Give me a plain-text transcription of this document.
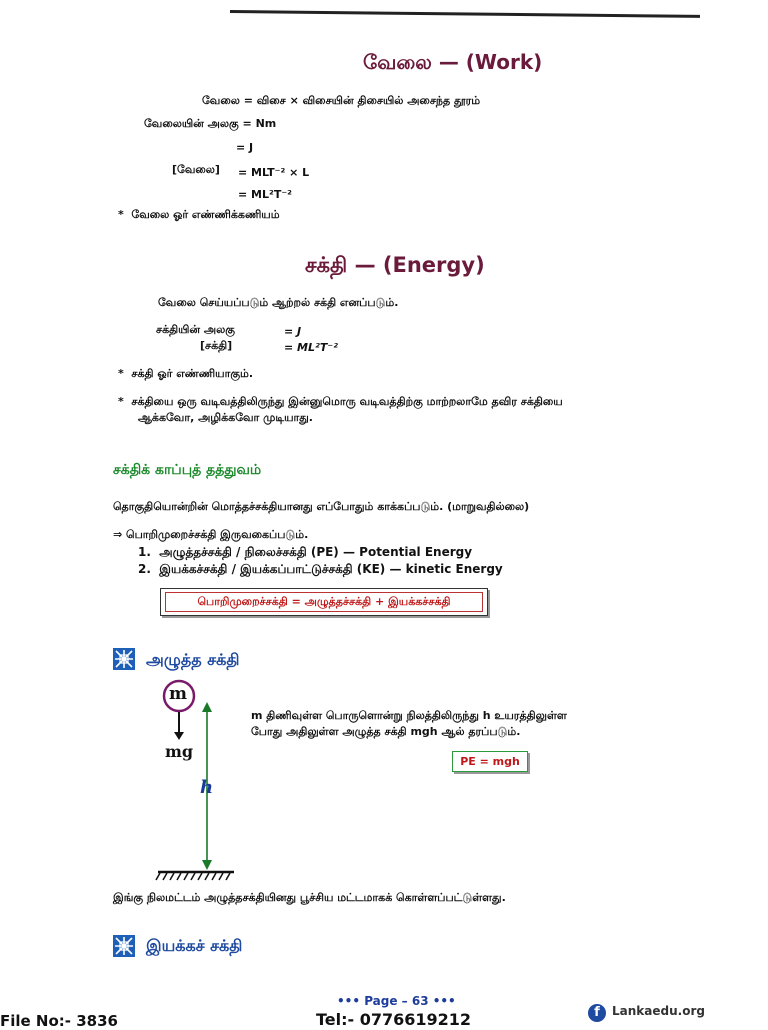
வேலை — (Work)
வேலை = விசை × விசையின் திசையில் அசைந்த தூரம்
வேலையின் அலகு = Nm
= J
[வேலை] = MLT⁻² × L
= ML²T⁻²
*  வேலை ஓர் எண்ணிக்கணியம்
சக்தி — (Energy)
வேலை செய்யப்படும் ஆற்றல் சக்தி எனப்படும்.
சக்தியின் அலகு	= J
[சக்தி]	= ML²T⁻²
*  சக்தி ஓர் எண்ணியாகும்.
*  சக்தியை ஒரு வடிவத்திலிருந்து இன்னுமொரு வடிவத்திற்கு மாற்றலாமே தவிர சக்தியை
ஆக்கவோ, அழிக்கவோ முடியாது.
சக்திக் காப்புத் தத்துவம்
தொகுதியொன்றின் மொத்தச்சக்தியானது எப்போதும் காக்கப்படும். (மாறுவதில்லை)
⇒ பொறிமுறைச்சக்தி இருவகைப்படும்.
1. அழுத்தச்சக்தி / நிலைச்சக்தி (PE) — Potential Energy
2. இயக்கச்சக்தி / இயக்கப்பாட்டுச்சக்தி (KE) — kinetic Energy
பொறிமுறைச்சக்தி = அழுத்தச்சக்தி + இயக்கச்சக்தி
அழுத்த சக்தி
m
mg
h
m திணிவுள்ள பொருளொன்று நிலத்திலிருந்து h உயரத்திலுள்ள
போது அதிலுள்ள அழுத்த சக்தி mgh ஆல் தரப்படும்.
PE = mgh
இங்கு நிலமட்டம் அழுத்தசக்தியினது பூச்சிய மட்டமாகக் கொள்ளப்பட்டுள்ளது.
இயக்கச் சக்தி
••• Page – 63 •••
File No:- 3836	Tel:- 0776619212	f	Lankaedu.org
